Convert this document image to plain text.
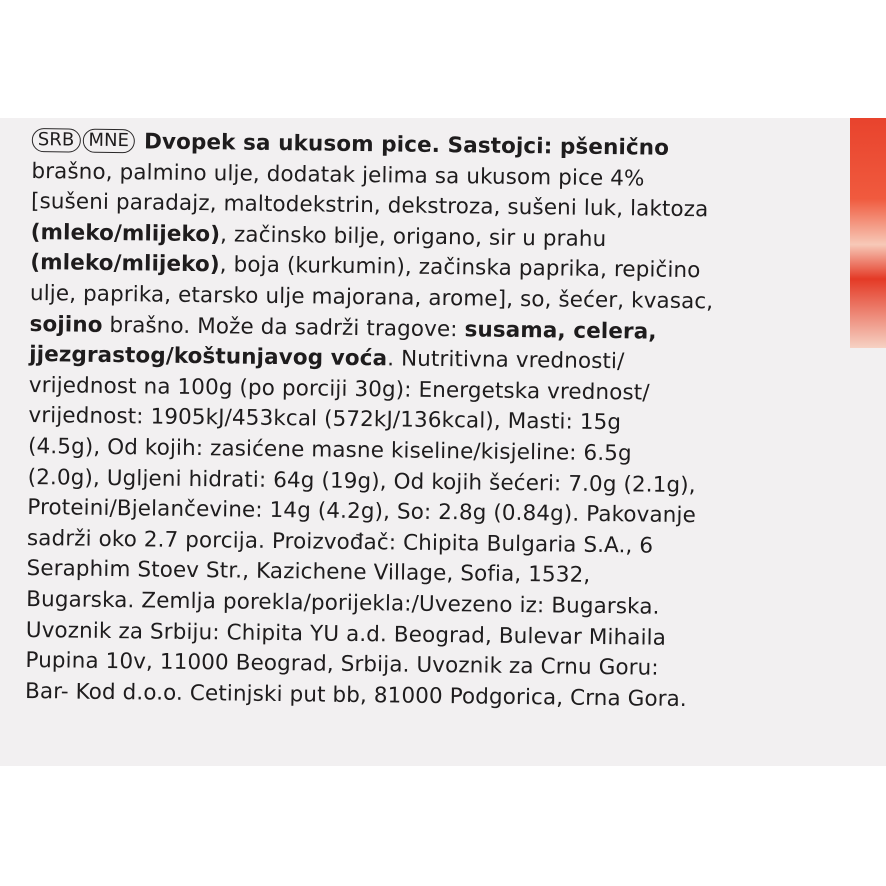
SRB MNE Dvopek sa ukusom pice. Sastojci: pšenično
brašno, palmino ulje, dodatak jelima sa ukusom pice 4%
[sušeni paradajz, maltodekstrin, dekstroza, sušeni luk, laktoza
(mleko/mlijeko), začinsko bilje, origano, sir u prahu
(mleko/mlijeko), boja (kurkumin), začinska paprika, repičino
ulje, paprika, etarsko ulje majorana, arome], so, šećer, kvasac,
sojino brašno. Može da sadrži tragove: susama, celera,
jjezgrastog/koštunjavog voća. Nutritivna vrednosti/
vrijednost na 100g (po porciji 30g): Energetska vrednost/
vrijednost: 1905kJ/453kcal (572kJ/136kcal), Masti: 15g
(4.5g), Od kojih: zasićene masne kiseline/kisjeline: 6.5g
(2.0g), Ugljeni hidrati: 64g (19g), Od kojih šećeri: 7.0g (2.1g),
Proteini/Bjelančevine: 14g (4.2g), So: 2.8g (0.84g). Pakovanje
sadrži oko 2.7 porcija. Proizvođač: Chipita Bulgaria S.A., 6
Seraphim Stoev Str., Kazichene Village, Sofia, 1532,
Bugarska. Zemlja porekla/porijekla:/Uvezeno iz: Bugarska.
Uvoznik za Srbiju: Chipita YU a.d. Beograd, Bulevar Mihaila
Pupina 10v, 11000 Beograd, Srbija. Uvoznik za Crnu Goru:
Bar- Kod d.o.o. Cetinjski put bb, 81000 Podgorica, Crna Gora.
